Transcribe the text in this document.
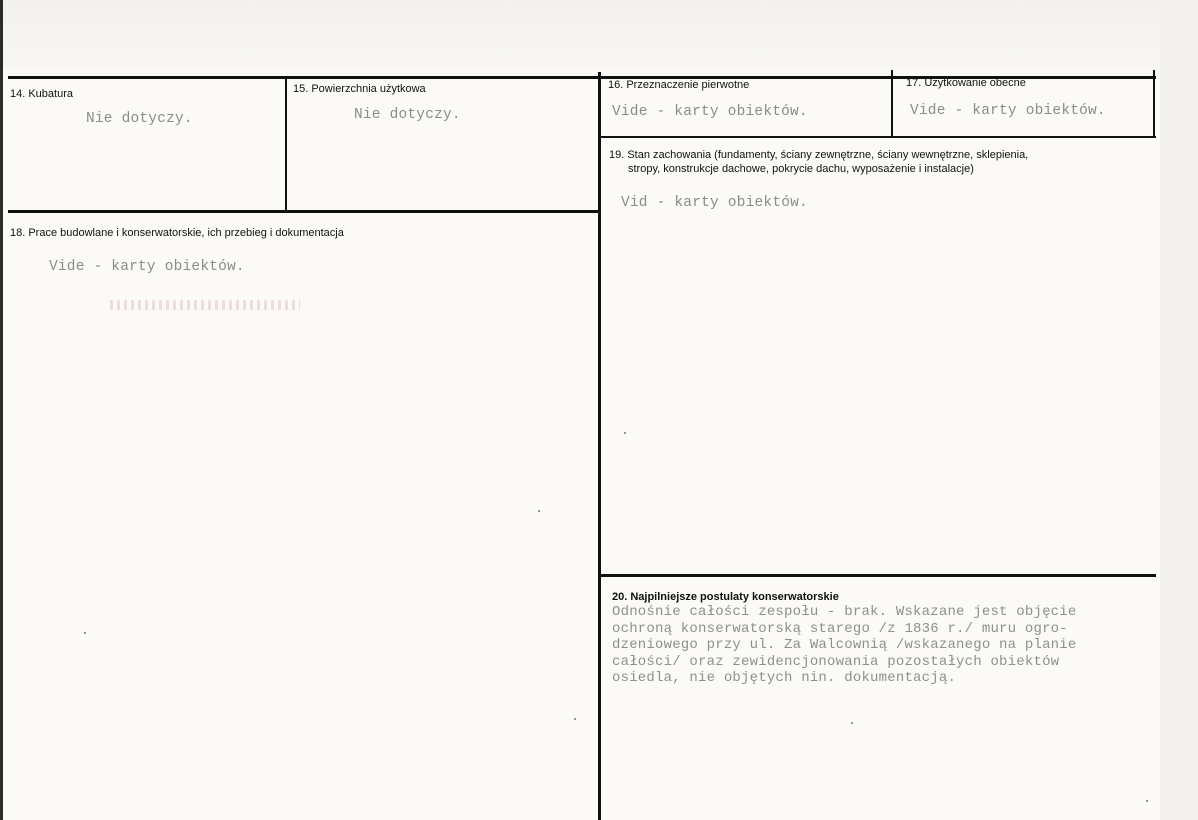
14. Kubatura
Nie dotyczy.
15. Powierzchnia użytkowa
Nie dotyczy.
16. Przeznaczenie pierwotne
Vide - karty obiektów.
17. Użytkowanie obecne
Vide - karty obiektów.
18. Prace budowlane i konserwatorskie, ich przebieg i dokumentacja
Vide - karty obiektów.
19. Stan zachowania (fundamenty, ściany zewnętrzne, ściany wewnętrzne, sklepienia,
stropy, konstrukcje dachowe, pokrycie dachu, wyposażenie i instalacje)
Vid - karty obiektów.
20. Najpilniejsze postulaty konserwatorskie
Odnośnie całości zespołu - brak. Wskazane jest objęcie
ochroną konserwatorską starego /z 1836 r./ muru ogro-
dzeniowego przy ul. Za Walcownią /wskazanego na planie
całości/ oraz zewidencjonowania pozostałych obiektów
osiedla, nie objętych nin. dokumentacją.
